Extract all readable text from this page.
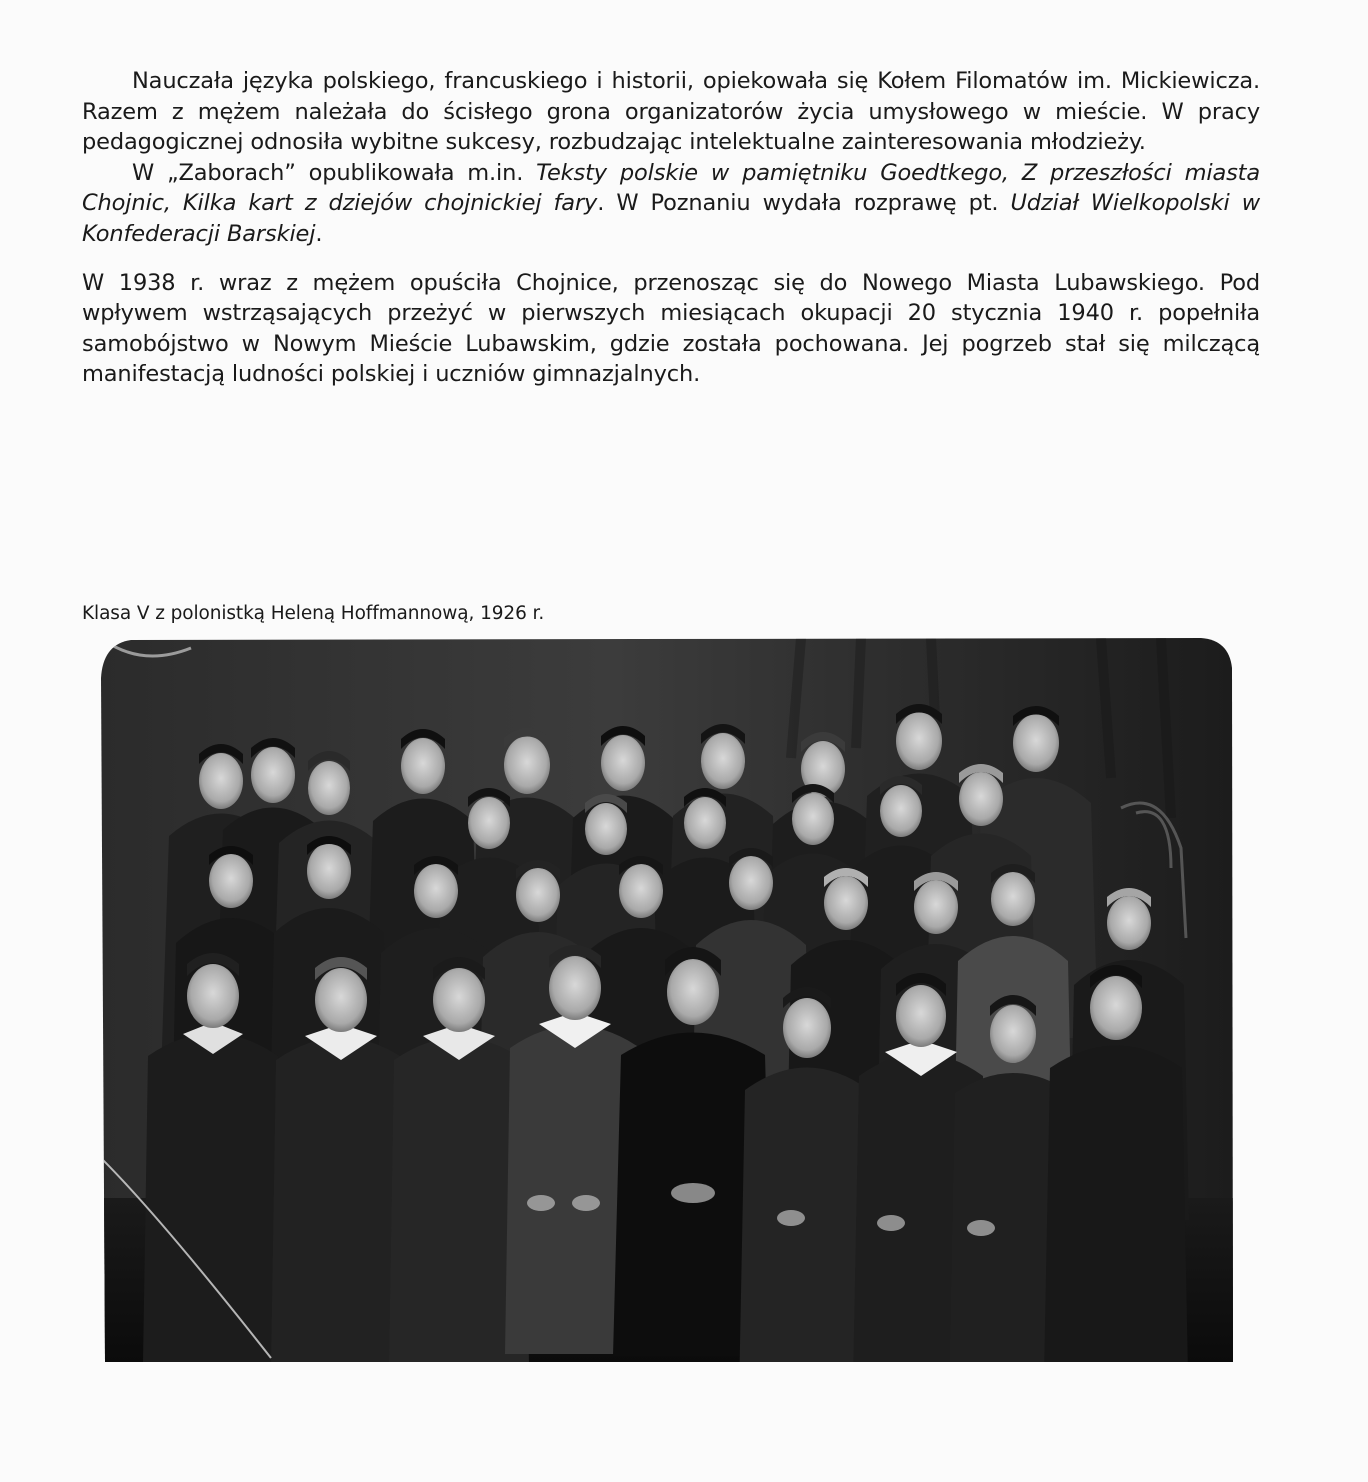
Nauczała języka polskiego, francuskiego i historii, opiekowała się Kołem Filomatów im. Mickiewicza. Razem z mężem należała do ścisłego grona organizatorów życia umysłowego w mieście. W pracy pedagogicznej odnosiła wybitne sukcesy, rozbudzając intelektualne zainteresowania młodzieży.

W „Zaborach” opublikowała m.in. Teksty polskie w pamiętniku Goedtkego, Z przeszłości miasta Chojnic, Kilka kart z dziejów chojnickiej fary. W Poznaniu wydała rozprawę pt. Udział Wielkopolski w Konfederacji Barskiej.

W 1938 r. wraz z mężem opuściła Chojnice, przenosząc się do Nowego Miasta Lubawskiego. Pod wpływem wstrząsających przeżyć w pierwszych miesiącach okupacji 20 stycznia 1940 r. popełniła samobójstwo w Nowym Mieście Lubawskim, gdzie została pochowana. Jej pogrzeb stał się milczącą manifestacją ludności polskiej i uczniów gimnazjalnych.

Klasa V z polonistką Heleną Hoffmannową, 1926 r.
